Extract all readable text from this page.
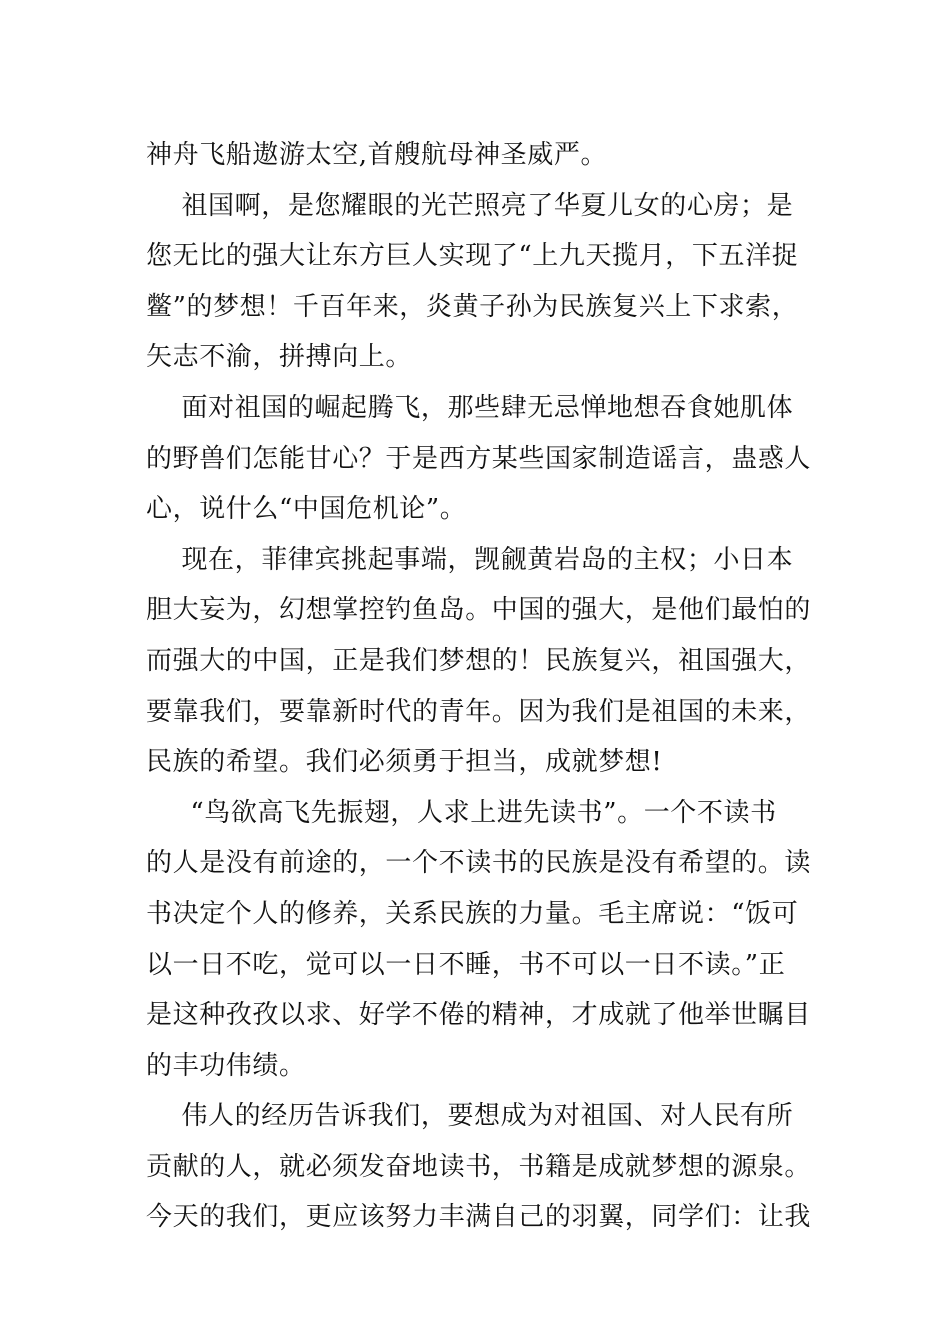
神舟飞船遨游太空,首艘航母神圣威严。
祖国啊，是您耀眼的光芒照亮了华夏儿女的心房；是
您无比的强大让东方巨人实现了“上九天揽月，下五洋捉
鳖”的梦想！千百年来，炎黄子孙为民族复兴上下求索，
矢志不渝，拼搏向上。
面对祖国的崛起腾飞，那些肆无忌惮地想吞食她肌体
的野兽们怎能甘心？于是西方某些国家制造谣言，蛊惑人
心，说什么“中国危机论”。
现在，菲律宾挑起事端，觊觎黄岩岛的主权；小日本
胆大妄为，幻想掌控钓鱼岛。中国的强大，是他们最怕的
而强大的中国，正是我们梦想的！民族复兴，祖国强大，
要靠我们，要靠新时代的青年。因为我们是祖国的未来，
民族的希望。我们必须勇于担当，成就梦想!
“鸟欲高飞先振翅，人求上进先读书”。一个不读书
的人是没有前途的，一个不读书的民族是没有希望的。读
书决定个人的修养，关系民族的力量。毛主席说：“饭可
以一日不吃，觉可以一日不睡，书不可以一日不读。”正
是这种孜孜以求、好学不倦的精神，才成就了他举世瞩目
的丰功伟绩。
伟人的经历告诉我们，要想成为对祖国、对人民有所
贡献的人，就必须发奋地读书，书籍是成就梦想的源泉。
今天的我们，更应该努力丰满自己的羽翼，同学们：让我
